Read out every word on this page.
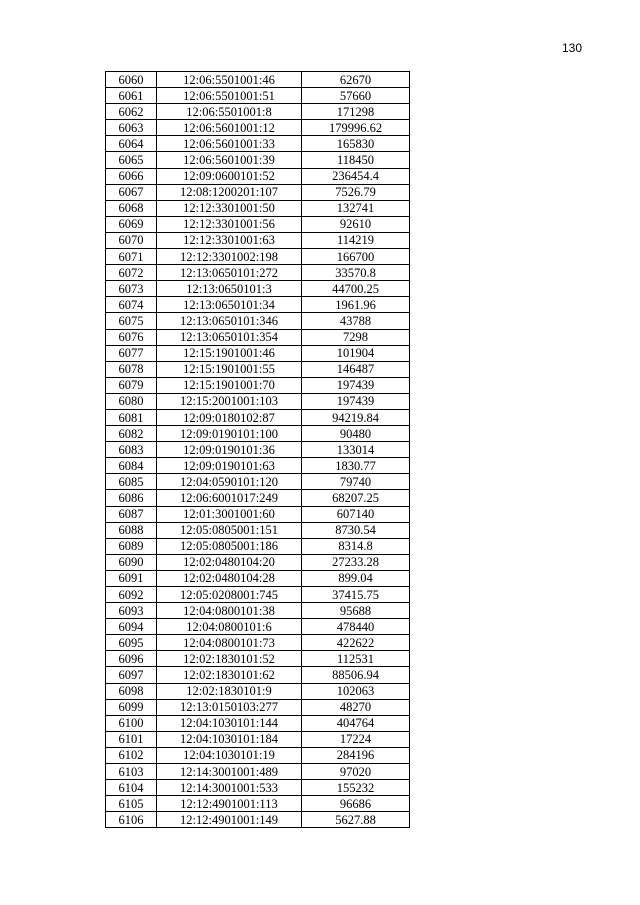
130
6060	12:06:5501001:46	62670
6061	12:06:5501001:51	57660
6062	12:06:5501001:8	171298
6063	12:06:5601001:12	179996.62
6064	12:06:5601001:33	165830
6065	12:06:5601001:39	118450
6066	12:09:0600101:52	236454.4
6067	12:08:1200201:107	7526.79
6068	12:12:3301001:50	132741
6069	12:12:3301001:56	92610
6070	12:12:3301001:63	114219
6071	12:12:3301002:198	166700
6072	12:13:0650101:272	33570.8
6073	12:13:0650101:3	44700.25
6074	12:13:0650101:34	1961.96
6075	12:13:0650101:346	43788
6076	12:13:0650101:354	7298
6077	12:15:1901001:46	101904
6078	12:15:1901001:55	146487
6079	12:15:1901001:70	197439
6080	12:15:2001001:103	197439
6081	12:09:0180102:87	94219.84
6082	12:09:0190101:100	90480
6083	12:09:0190101:36	133014
6084	12:09:0190101:63	1830.77
6085	12:04:0590101:120	79740
6086	12:06:6001017:249	68207.25
6087	12:01:3001001:60	607140
6088	12:05:0805001:151	8730.54
6089	12:05:0805001:186	8314.8
6090	12:02:0480104:20	27233.28
6091	12:02:0480104:28	899.04
6092	12:05:0208001:745	37415.75
6093	12:04:0800101:38	95688
6094	12:04:0800101:6	478440
6095	12:04:0800101:73	422622
6096	12:02:1830101:52	112531
6097	12:02:1830101:62	88506.94
6098	12:02:1830101:9	102063
6099	12:13:0150103:277	48270
6100	12:04:1030101:144	404764
6101	12:04:1030101:184	17224
6102	12:04:1030101:19	284196
6103	12:14:3001001:489	97020
6104	12:14:3001001:533	155232
6105	12:12:4901001:113	96686
6106	12:12:4901001:149	5627.88
